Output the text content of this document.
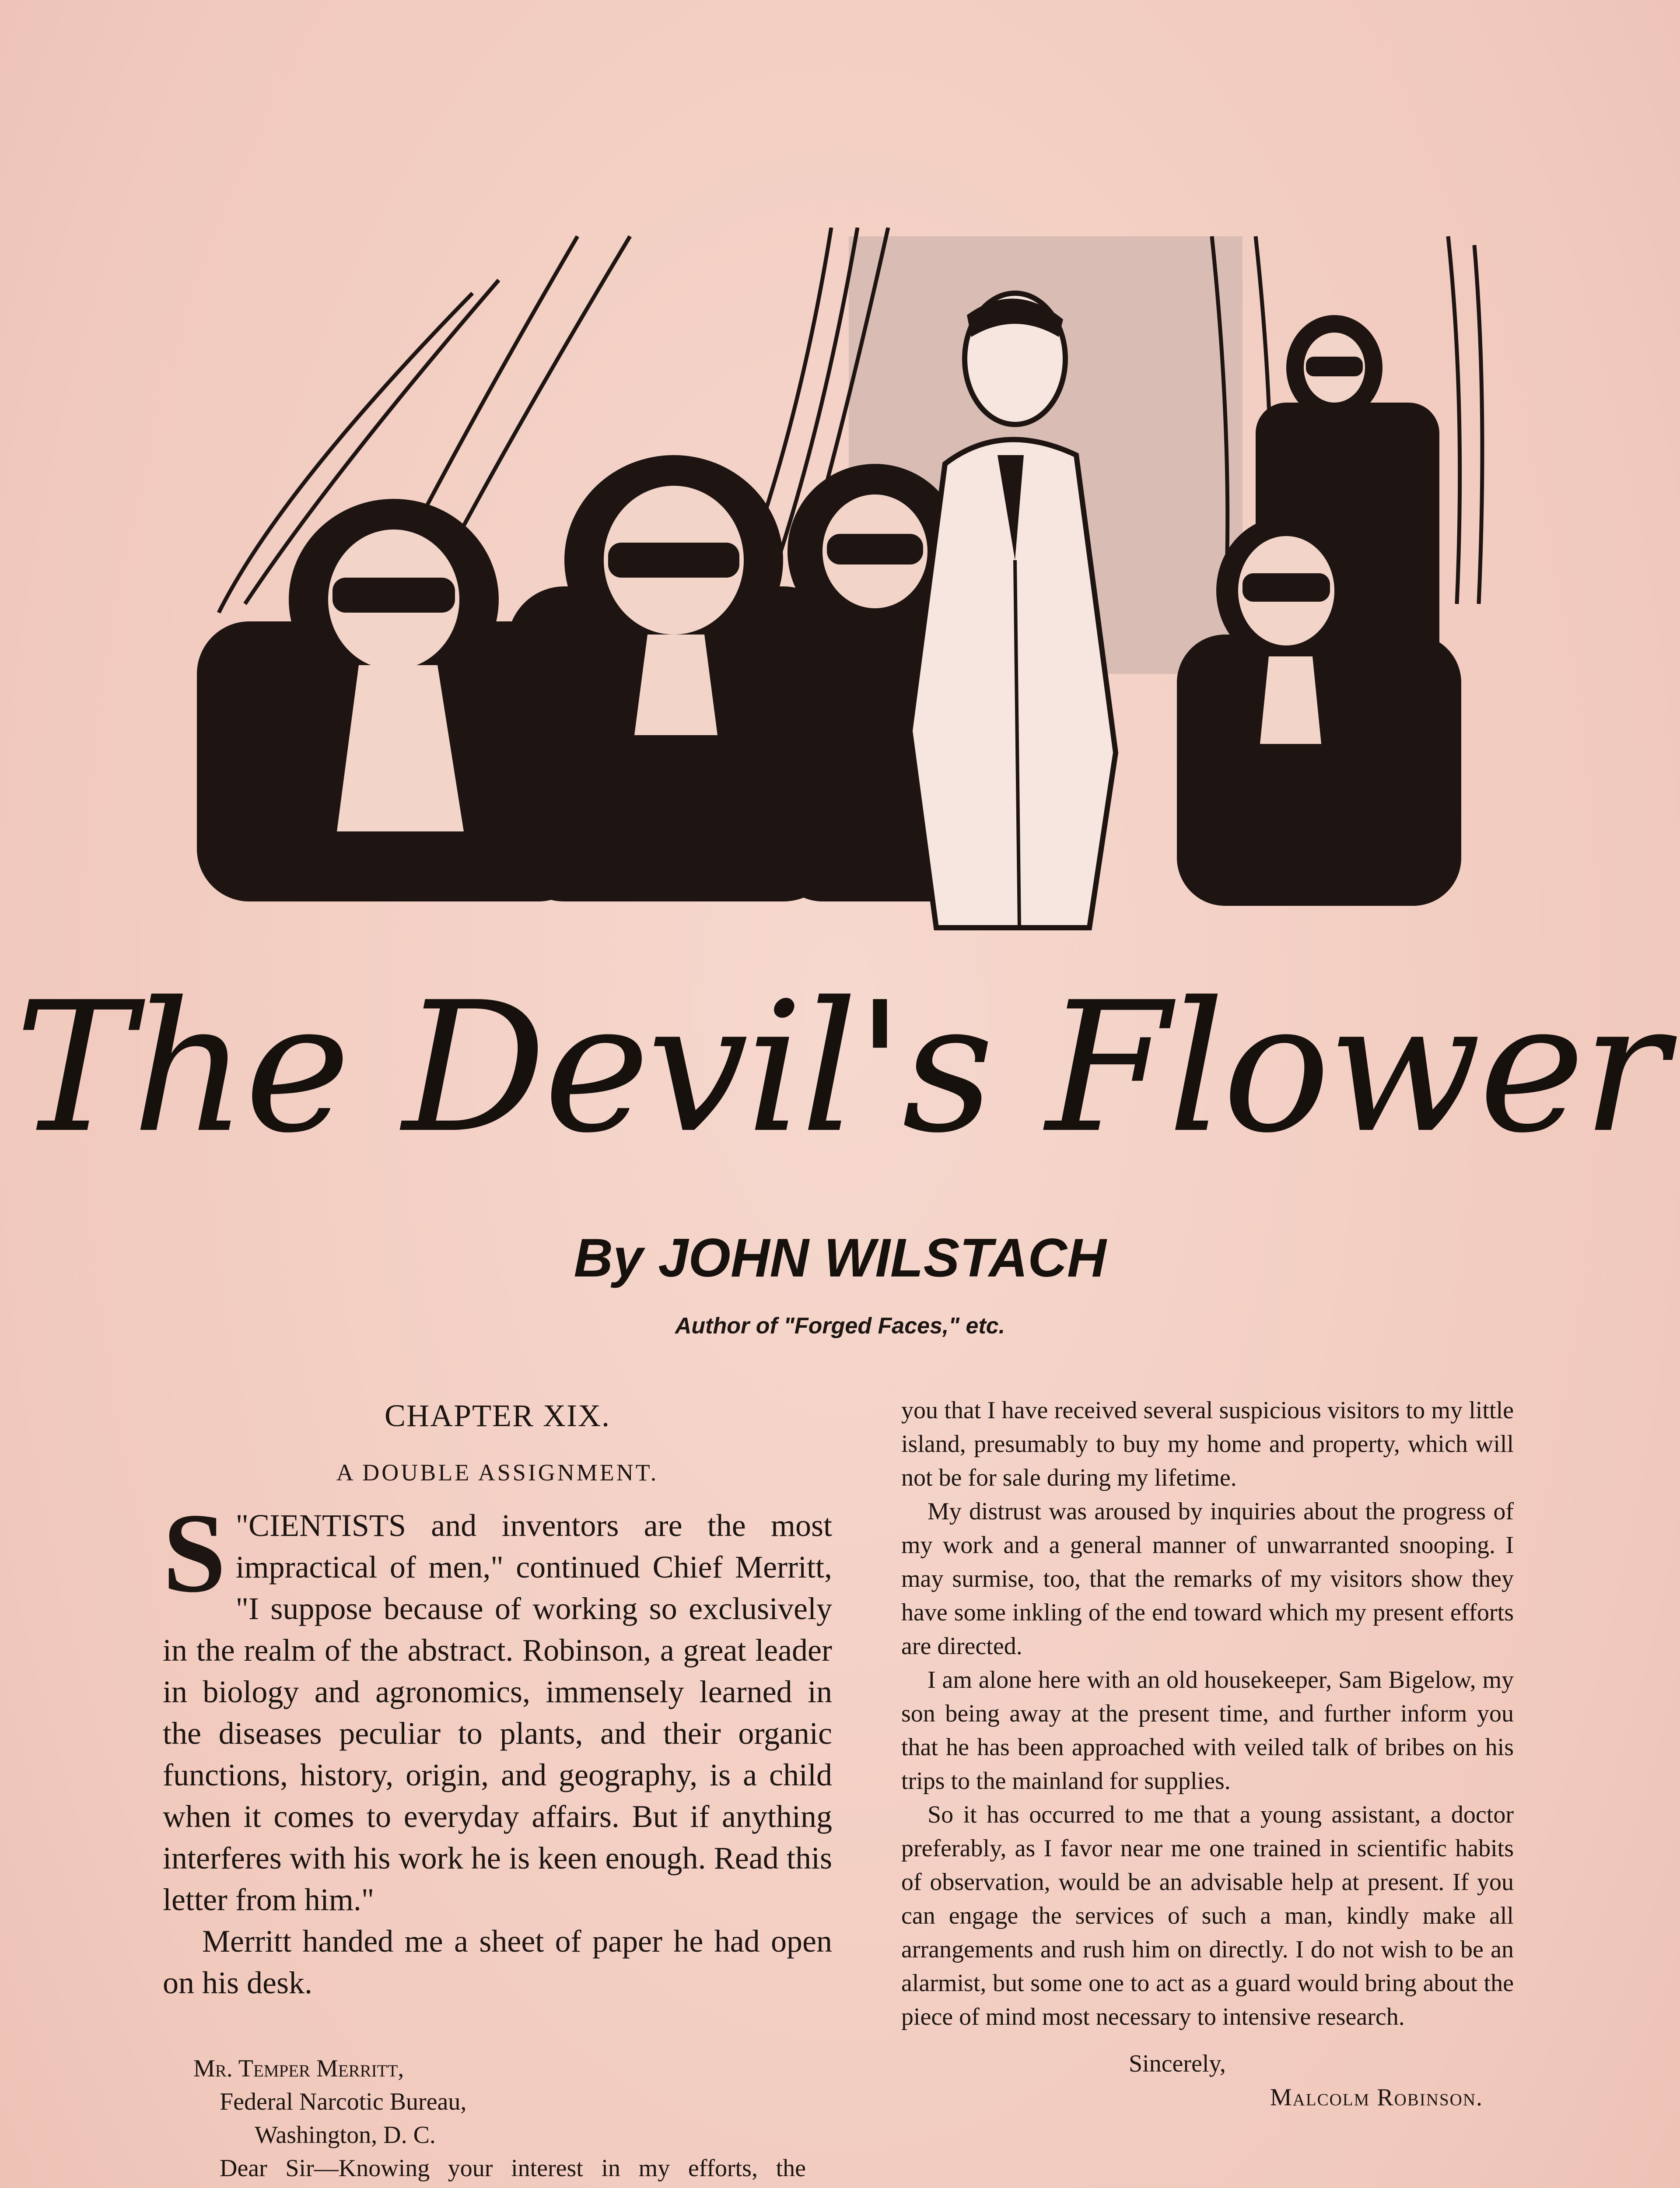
The Devil's Flower
By JOHN WILSTACH
Author of "Forged Faces," etc.
CHAPTER XIX.
A DOUBLE ASSIGNMENT.

S "CIENTISTS and inventors are the most impractical of men," continued Chief Merritt, "I suppose because of working so exclusively in the realm of the abstract. Robinson, a great leader in biology and agronomics, immensely learned in the diseases peculiar to plants, and their organic functions, history, origin, and geography, is a child when it comes to everyday affairs. But if anything interferes with his work he is keen enough. Read this letter from him."

Merritt handed me a sheet of paper he had open on his desk.

Mr. Temper Merritt,

Federal Narcotic Bureau,

Washington, D. C.

Dear Sir—Knowing your interest in my efforts, the

you that I have received several suspicious visitors to my little island, presumably to buy my home and property, which will not be for sale during my lifetime.

My distrust was aroused by inquiries about the progress of my work and a general manner of unwarranted snooping. I may surmise, too, that the remarks of my visitors show they have some inkling of the end toward which my present efforts are directed.

I am alone here with an old housekeeper, Sam Bigelow, my son being away at the present time, and further inform you that he has been approached with veiled talk of bribes on his trips to the mainland for supplies.

So it has occurred to me that a young assistant, a doctor preferably, as I favor near me one trained in scientific habits of observation, would be an advisable help at present. If you can engage the services of such a man, kindly make all arrangements and rush him on directly. I do not wish to be an alarmist, but some one to act as a guard would bring about the piece of mind most necessary to intensive research.

Sincerely,

Malcolm Robinson.
